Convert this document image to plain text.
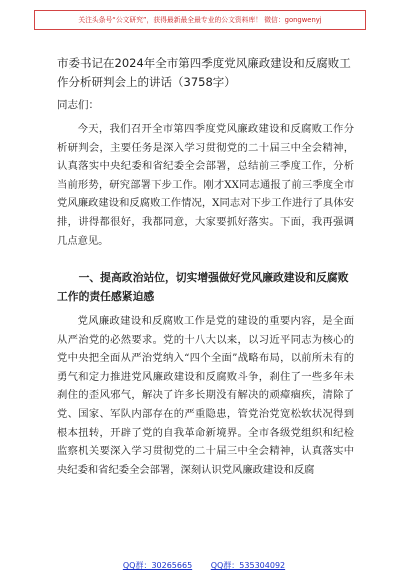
关注头条号“公文研究”，获得最新最全最专业的公文资料库！ 微信：gongwenyj
市委书记在2024年全市第四季度党风廉政建设和反腐败工作分析研判会上的讲话（3758字）
同志们：

今天，我们召开全市第四季度党风廉政建设和反腐败工作分析研判会，主要任务是深入学习贯彻党的二十届三中全会精神，认真落实中央纪委和省纪委全会部署，总结前三季度工作，分析当前形势，研究部署下步工作。刚才XX同志通报了前三季度全市党风廉政建设和反腐败工作情况，X同志对下步工作进行了具体安排，讲得都很好，我都同意，大家要抓好落实。下面，我再强调几点意见。

一、提高政治站位，切实增强做好党风廉政建设和反腐败工作的责任感紧迫感

党风廉政建设和反腐败工作是党的建设的重要内容，是全面从严治党的必然要求。党的十八大以来，以习近平同志为核心的党中央把全面从严治党纳入“四个全面”战略布局，以前所未有的勇气和定力推进党风廉政建设和反腐败斗争，刹住了一些多年未刹住的歪风邪气，解决了许多长期没有解决的顽瘴痼疾，清除了党、国家、军队内部存在的严重隐患，管党治党宽松软状况得到根本扭转，开辟了党的自我革命新境界。全市各级党组织和纪检监察机关要深入学习贯彻党的二十届三中全会精神，认真落实中央纪委和省纪委全会部署，深刻认识党风廉政建设和反腐

QQ群：30265665 QQ群：535304092
